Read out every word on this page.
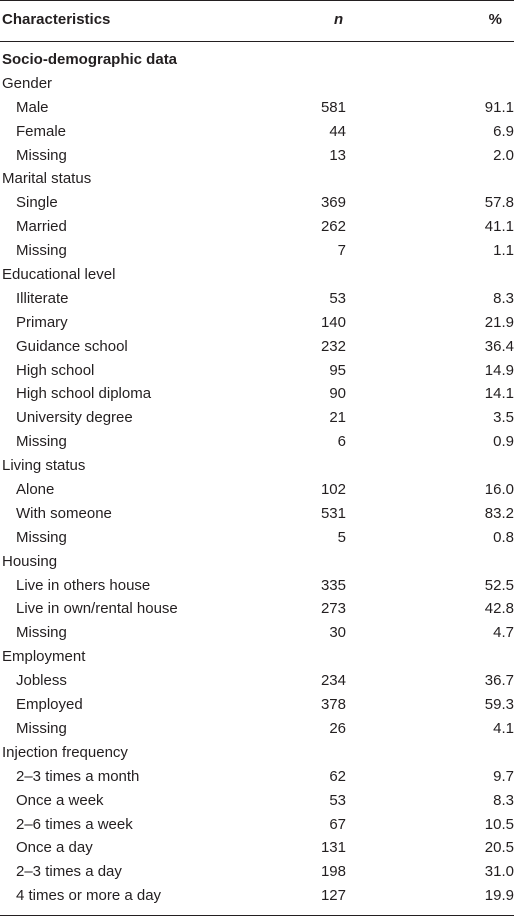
Characteristics	n	%
Socio-demographic data
Gender
Male	581	91.1
Female	44	6.9
Missing	13	2.0
Marital status
Single	369	57.8
Married	262	41.1
Missing	7	1.1
Educational level
Illiterate	53	8.3
Primary	140	21.9
Guidance school	232	36.4
High school	95	14.9
High school diploma	90	14.1
University degree	21	3.5
Missing	6	0.9
Living status
Alone	102	16.0
With someone	531	83.2
Missing	5	0.8
Housing
Live in others house	335	52.5
Live in own/rental house	273	42.8
Missing	30	4.7
Employment
Jobless	234	36.7
Employed	378	59.3
Missing	26	4.1
Injection frequency
2–3 times a month	62	9.7
Once a week	53	8.3
2–6 times a week	67	10.5
Once a day	131	20.5
2–3 times a day	198	31.0
4 times or more a day	127	19.9
